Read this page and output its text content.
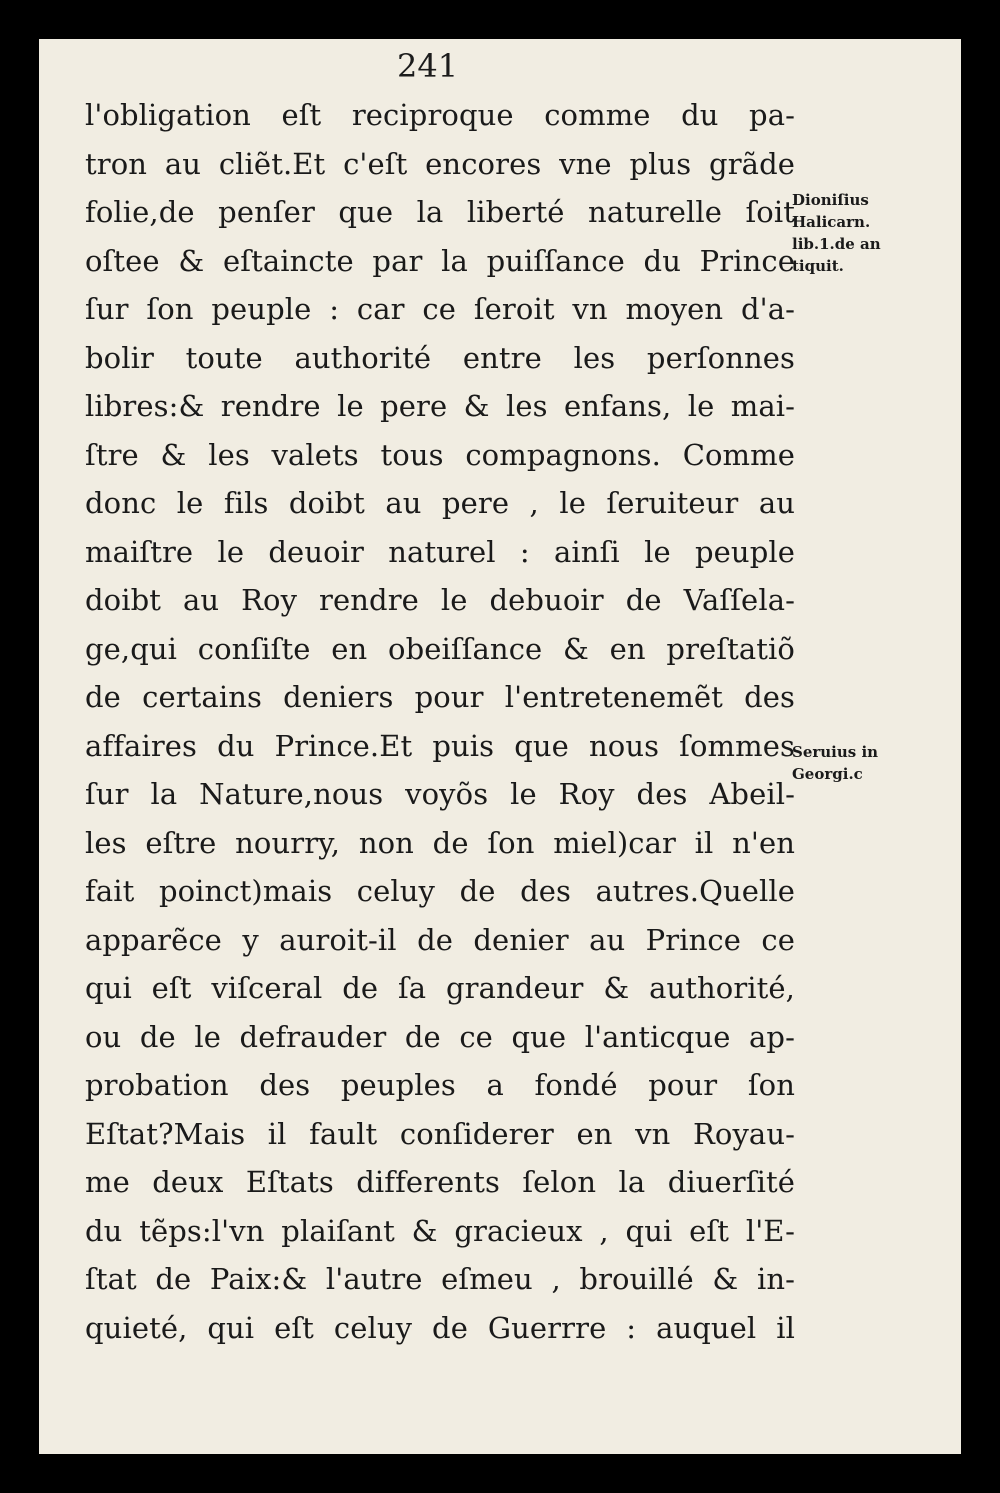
241
l'obligation eſt reciproque comme du pa-
tron au cliẽt.Et c'eſt encores vne plus grãde
folie,de penſer que la liberté naturelle ſoit
oſtee & eſtaincte par la puiſſance du Prince
ſur ſon peuple : car ce ſeroit vn moyen d'a-
bolir toute authorité entre les perſonnes
libres:& rendre le pere & les enfans, le mai-
ſtre & les valets tous compagnons. Comme
donc le fils doibt au pere , le ſeruiteur au
maiſtre le deuoir naturel : ainſi le peuple
doibt au Roy rendre le debuoir de Vaſſela-
ge,qui conſiſte en obeiſſance & en preſtatiõ
de certains deniers pour l'entretenemẽt des
affaires du Prince.Et puis que nous ſommes
ſur la Nature,nous voyõs le Roy des Abeil-
les eſtre nourry, non de ſon miel)car il n'en
fait poinct)mais celuy de des autres.Quelle
apparẽce y auroit-il de denier au Prince ce
qui eſt viſceral de ſa grandeur & authorité,
ou de le defrauder de ce que l'anticque ap-
probation des peuples a fondé pour ſon
Eſtat?Mais il fault conſiderer en vn Royau-
me deux Eſtats differents ſelon la diuerſité
du tẽps:l'vn plaiſant & gracieux , qui eſt l'E-
ſtat de Paix:& l'autre eſmeu , brouillé & in-
quieté, qui eſt celuy de Guerrre : auquel il
Dioniſius
Halicarn.
lib.1.de an
tiquit.
Seruius in
Georgi.c
